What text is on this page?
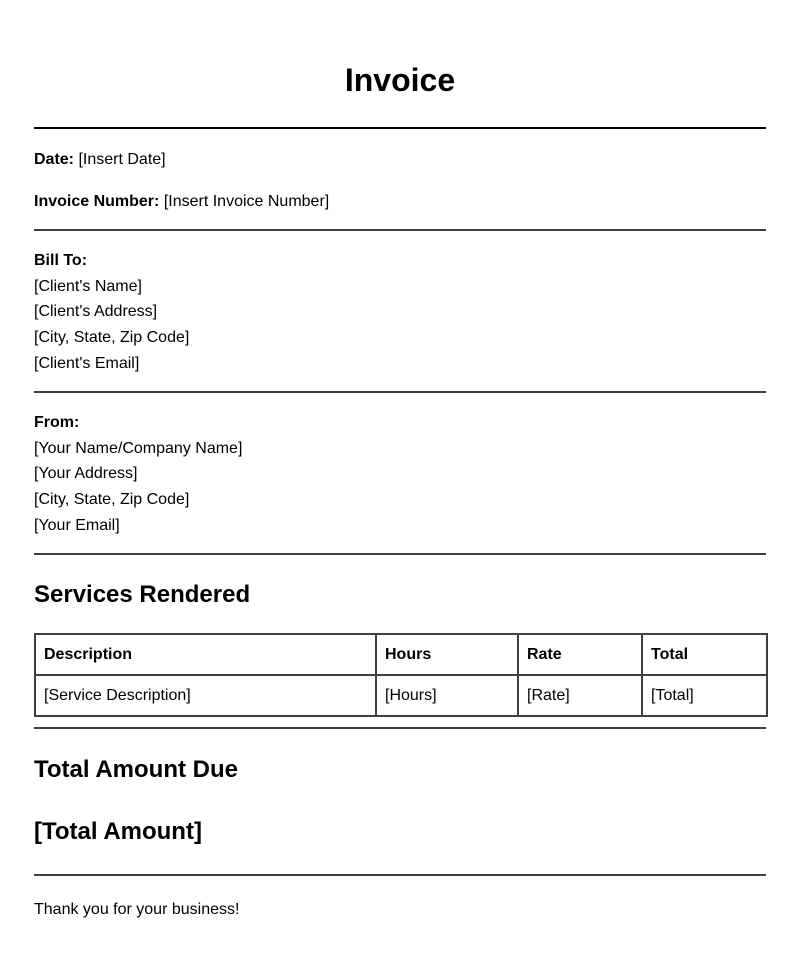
Invoice

Date: [Insert Date]

Invoice Number: [Insert Invoice Number]

Bill To:

[Client's Name]

[Client's Address]

[City, State, Zip Code]

[Client's Email]

From:

[Your Name/Company Name]

[Your Address]

[City, State, Zip Code]

[Your Email]

Services Rendered
Description	Hours	Rate	Total
[Service Description]	[Hours]	[Rate]	[Total]
Total Amount Due
[Total Amount]

Thank you for your business!
